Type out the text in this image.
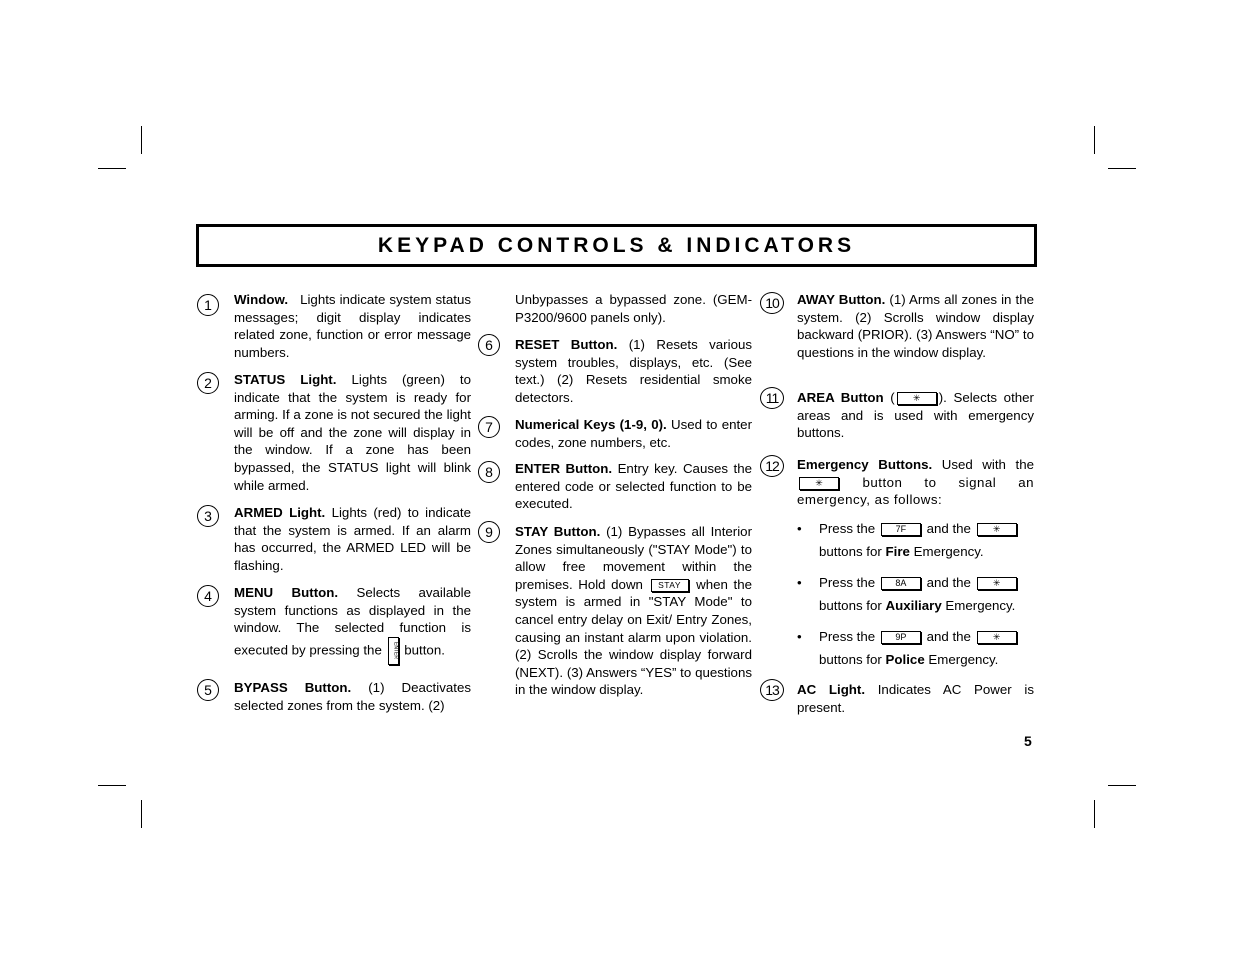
KEYPAD CONTROLS & INDICATORS
1	Window. Lights indicate system status messages; digit display indicates related zone, function or error message numbers.

2	STATUS Light. Lights (green) to indicate that the system is ready for arming. If a zone is not secured the light will be off and the zone will display in the window. If a zone has been bypassed, the STATUS light will blink while armed.

3	ARMED Light. Lights (red) to indicate that the system is armed. If an alarm has occurred, the ARMED LED will be flashing.

4	MENU Button. Selects available system functions as displayed in the window. The selected function is executed by pressing the ENTER button.

5	BYPASS Button. (1) Deactivates selected zones from the system. (2)

Unbypasses a bypassed zone. (GEM-P3200/9600 panels only).

6	RESET Button. (1) Resets various system troubles, displays, etc. (See text.) (2) Resets residential smoke detectors.

7	Numerical Keys (1-9, 0). Used to enter codes, zone numbers, etc.

8	ENTER Button. Entry key. Causes the entered code or selected function to be executed.

9	STAY Button. (1) Bypasses all Interior Zones simultaneously ("STAY Mode") to allow free movement within the premises. Hold down STAY when the system is armed in "STAY Mode" to cancel entry delay on Exit/ Entry Zones, causing an instant alarm upon violation. (2) Scrolls the window display forward (NEXT). (3) Answers “YES” to questions in the window display.

10	AWAY Button. (1) Arms all zones in the system. (2) Scrolls window display backward (PRIOR). (3) Answers “NO” to questions in the window display.

11	AREA Button ( ✳ ). Selects other areas and is used with emergency buttons.

12	Emergency Buttons. Used with the ✳	button to signal an emergency, as follows:

• Press the 7F and the ✳
buttons for Fire Emergency.
• Press the 8A and the ✳
buttons for Auxiliary Emergency.
• Press the 9P and the ✳
buttons for Police Emergency.
13	AC Light. Indicates AC Power is present.

5
